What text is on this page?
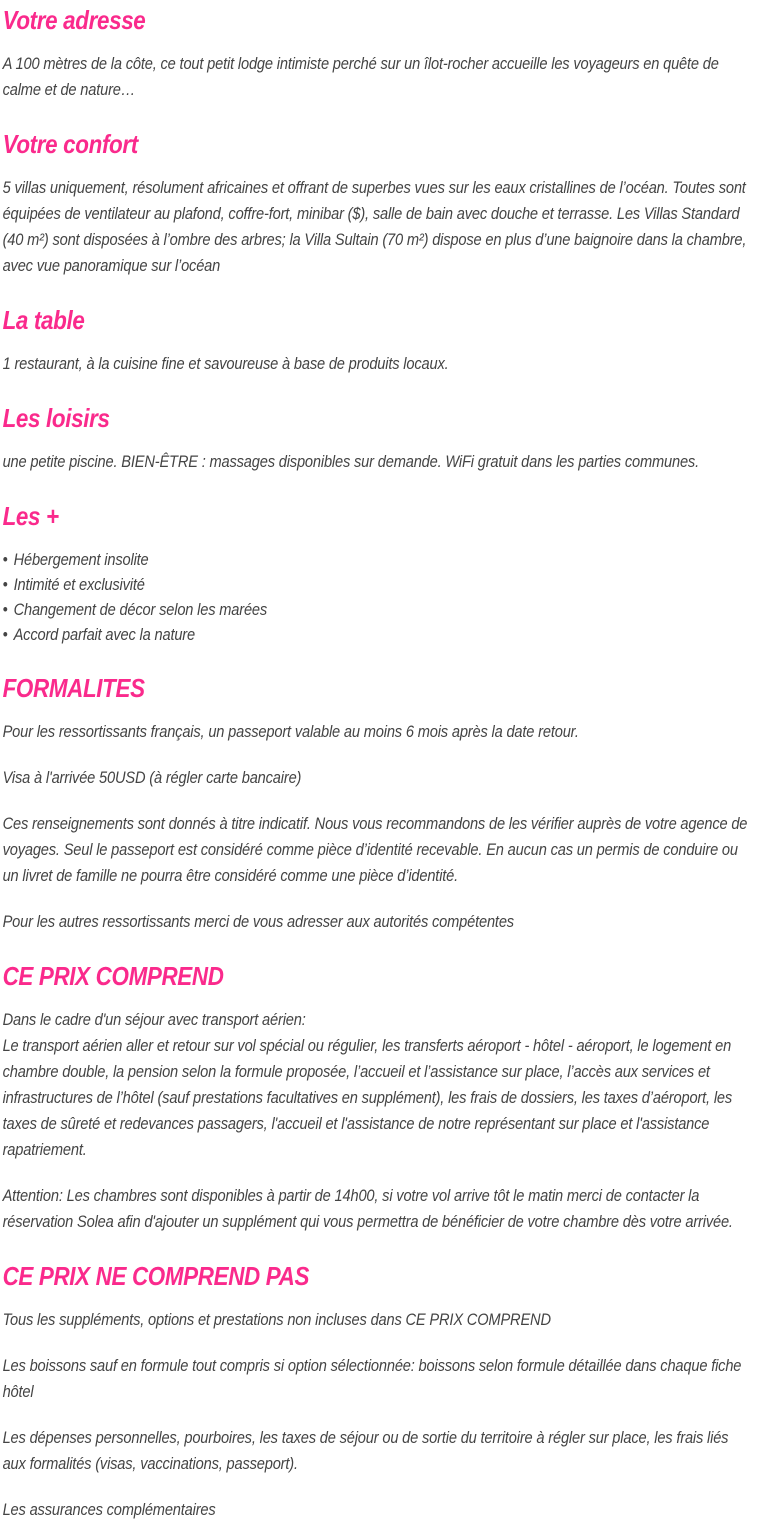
Votre adresse

A 100 mètres de la côte, ce tout petit lodge intimiste perché sur un îlot-rocher accueille les voyageurs en quête de calme et de nature…

Votre confort

5 villas uniquement, résolument africaines et offrant de superbes vues sur les eaux cristallines de l’océan. Toutes sont équipées de ventilateur au plafond, coffre-fort, minibar ($), salle de bain avec douche et terrasse. Les Villas Standard (40 m²) sont disposées à l’ombre des arbres; la Villa Sultain (70 m²) dispose en plus d’une baignoire dans la chambre, avec vue panoramique sur l’océan

La table

1 restaurant, à la cuisine fine et savoureuse à base de produits locaux.

Les loisirs

une petite piscine. BIEN-ÊTRE : massages disponibles sur demande. WiFi gratuit dans les parties communes.

Les +
• Hébergement insolite
• Intimité et exclusivité
• Changement de décor selon les marées
• Accord parfait avec la nature
FORMALITES

Pour les ressortissants français, un passeport valable au moins 6 mois après la date retour.

Visa à l'arrivée 50USD (à régler carte bancaire)

Ces renseignements sont donnés à titre indicatif. Nous vous recommandons de les vérifier auprès de votre agence de voyages. Seul le passeport est considéré comme pièce d’identité recevable. En aucun cas un permis de conduire ou un livret de famille ne pourra être considéré comme une pièce d’identité.

Pour les autres ressortissants merci de vous adresser aux autorités compétentes

CE PRIX COMPREND

Dans le cadre d'un séjour avec transport aérien:
Le transport aérien aller et retour sur vol spécial ou régulier, les transferts aéroport - hôtel - aéroport, le logement en chambre double, la pension selon la formule proposée, l’accueil et l’assistance sur place, l’accès aux services et infrastructures de l’hôtel (sauf prestations facultatives en supplément), les frais de dossiers, les taxes d’aéroport, les taxes de sûreté et redevances passagers, l'accueil et l'assistance de notre représentant sur place et l'assistance rapatriement.

Attention: Les chambres sont disponibles à partir de 14h00, si votre vol arrive tôt le matin merci de contacter la réservation Solea afin d'ajouter un supplément qui vous permettra de bénéficier de votre chambre dès votre arrivée.

CE PRIX NE COMPREND PAS

Tous les suppléments, options et prestations non incluses dans CE PRIX COMPREND

Les boissons sauf en formule tout compris si option sélectionnée: boissons selon formule détaillée dans chaque fiche hôtel

Les dépenses personnelles, pourboires, les taxes de séjour ou de sortie du territoire à régler sur place, les frais liés aux formalités (visas, vaccinations, passeport).

Les assurances complémentaires
